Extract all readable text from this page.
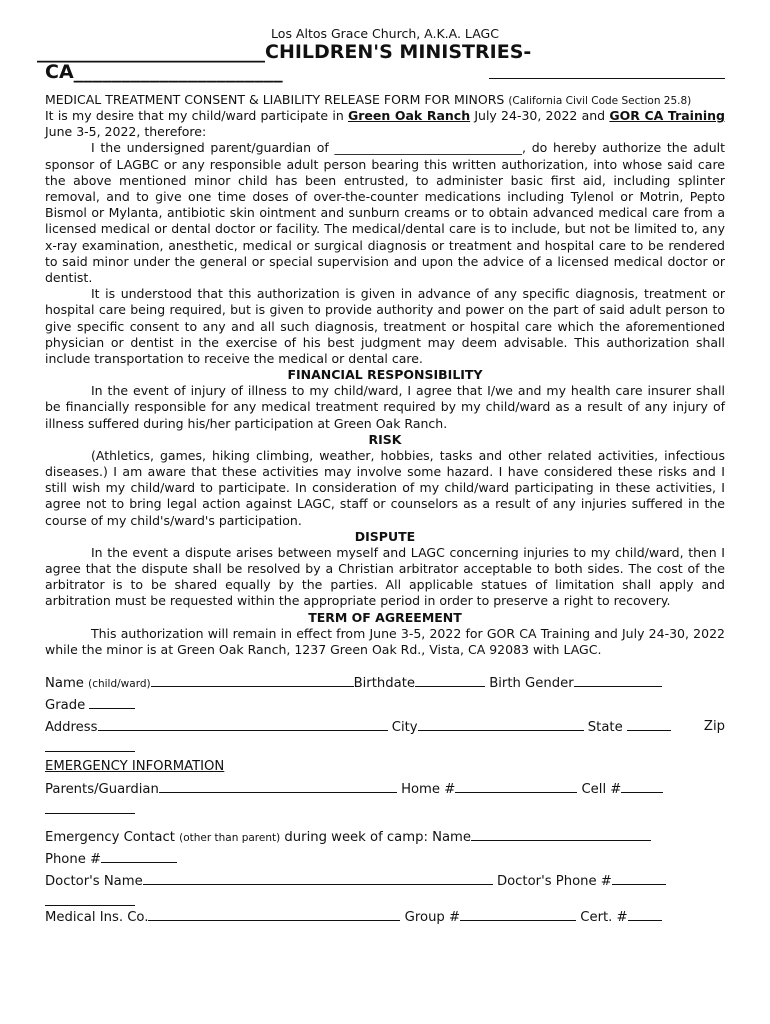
Los Altos Grace Church, A.K.A. LAGC
________________________CHILDREN'S MINISTRIES-
CA______________________
MEDICAL TREATMENT CONSENT & LIABILITY RELEASE FORM FOR MINORS (California Civil Code Section 25.8)

It is my desire that my child/ward participate in Green Oak Ranch July 24-30, 2022 and GOR CA Training June 3-5, 2022, therefore:

I the undersigned parent/guardian of ______________________________, do hereby authorize the adult sponsor of LAGBC or any responsible adult person bearing this written authorization, into whose said care the above mentioned minor child has been entrusted, to administer basic first aid, including splinter removal, and to give one time doses of over-the-counter medications including Tylenol or Motrin, Pepto Bismol or Mylanta, antibiotic skin ointment and sunburn creams or to obtain advanced medical care from a licensed medical or dental doctor or facility. The medical/dental care is to include, but not be limited to, any x-ray examination, anesthetic, medical or surgical diagnosis or treatment and hospital care to be rendered to said minor under the general or special supervision and upon the advice of a licensed medical doctor or dentist.

It is understood that this authorization is given in advance of any specific diagnosis, treatment or hospital care being required, but is given to provide authority and power on the part of said adult person to give specific consent to any and all such diagnosis, treatment or hospital care which the aforementioned physician or dentist in the exercise of his best judgment may deem advisable. This authorization shall include transportation to receive the medical or dental care.

FINANCIAL RESPONSIBILITY

In the event of injury of illness to my child/ward, I agree that I/we and my health care insurer shall be financially responsible for any medical treatment required by my child/ward as a result of any injury of illness suffered during his/her participation at Green Oak Ranch.

RISK

(Athletics, games, hiking climbing, weather, hobbies, tasks and other related activities, infectious diseases.) I am aware that these activities may involve some hazard. I have considered these risks and I still wish my child/ward to participate. In consideration of my child/ward participating in these activities, I agree not to bring legal action against LAGC, staff or counselors as a result of any injuries suffered in the course of my child's/ward's participation.

DISPUTE

In the event a dispute arises between myself and LAGC concerning injuries to my child/ward, then I agree that the dispute shall be resolved by a Christian arbitrator acceptable to both sides. The cost of the arbitrator is to be shared equally by the parties. All applicable statues of limitation shall apply and arbitration must be requested within the appropriate period in order to preserve a right to recovery.

TERM OF AGREEMENT

This authorization will remain in effect from June 3-5, 2022 for GOR CA Training and July 24-30, 2022 while the minor is at Green Oak Ranch, 1237 Green Oak Rd., Vista, CA 92083 with LAGC.

Name (child/ward)	Birthdate	Birth Gender
Grade
Address	City	State	Zip
EMERGENCY INFORMATION
Parents/Guardian	Home #	Cell #
Emergency Contact (other than parent) during week of camp: Name
Phone #
Doctor's Name	Doctor's Phone #
Medical Ins. Co.	Group #	Cert. #
